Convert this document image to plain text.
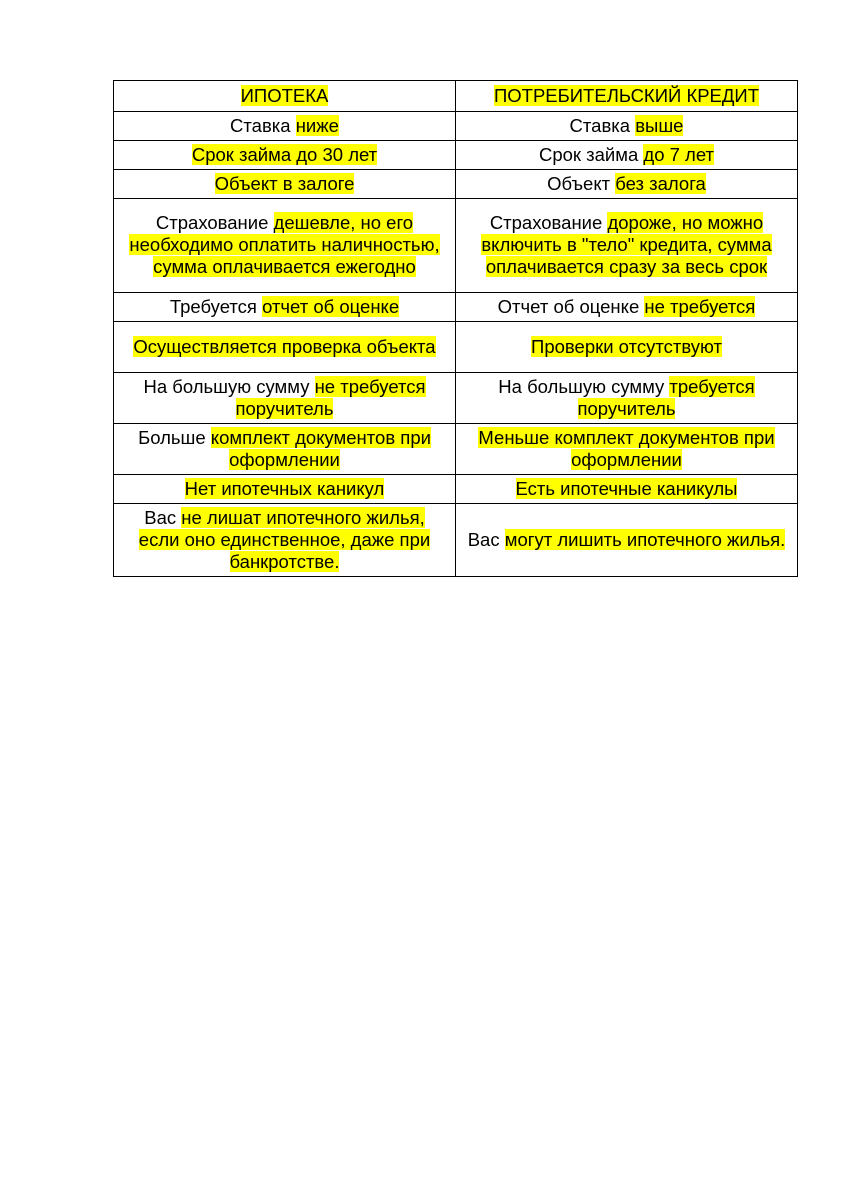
ИПОТЕКА	ПОТРЕБИТЕЛЬСКИЙ КРЕДИТ
Ставка ниже	Ставка выше
Срок займа до 30 лет	Срок займа до 7 лет
Объект в залоге	Объект без залога
Страхование дешевле, но его необходимо оплатить наличностью, сумма оплачивается ежегодно	Страхование дороже, но можно включить в "тело" кредита, сумма оплачивается сразу за весь срок
Требуется отчет об оценке	Отчет об оценке не требуется
Осуществляется проверка объекта	Проверки отсутствуют
На большую сумму не требуется поручитель	На большую сумму требуется поручитель
Больше комплект документов при оформлении	Меньше комплект документов при оформлении
Нет ипотечных каникул	Есть ипотечные каникулы
Вас не лишат ипотечного жилья, если оно единственное, даже при банкротстве.	Вас могут лишить ипотечного жилья.
